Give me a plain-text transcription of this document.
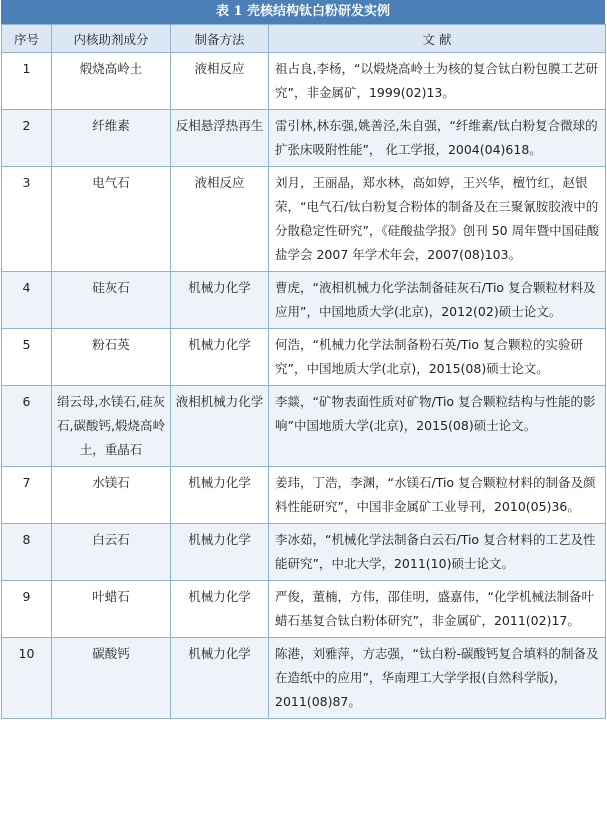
表 1 壳核结构钛白粉研发实例
序号	内核助剂成分	制备方法	文 献
1	煅烧高岭土	液相反应	祖占良,李杨，“以煅烧高岭土为核的复合钛白粉包膜工艺研究”，非金属矿，1999(02)13。
2	纤维素	反相悬浮热再生	雷引林,林东强,姚善泾,朱自强，“纤维素/钛白粉复合微球的扩张床吸附性能”， 化工学报，2004(04)618。
3	电气石	液相反应	刘月，王丽晶，郑水林，高如婷，王兴华，檀竹红，赵银荣，“电气石/钛白粉复合粉体的制备及在三聚氰胺胶液中的分散稳定性研究”，《硅酸盐学报》创刊 50 周年暨中国硅酸盐学会 2007 年学术年会，2007(08)103。
4	硅灰石	机械力化学	曹虎，“液相机械力化学法制备硅灰石/Tio 复合颗粒材料及应用”，中国地质大学(北京)，2012(02)硕士论文。
5	粉石英	机械力化学	何浩，“机械力化学法制备粉石英/Tio 复合颗粒的实验研究”，中国地质大学(北京)，2015(08)硕士论文。
6	绢云母,水镁石,硅灰石,碳酸钙,煅烧高岭土，重晶石	液相机械力化学	李燚，“矿物表面性质对矿物/Tio 复合颗粒结构与性能的影响”中国地质大学(北京)，2015(08)硕士论文。
7	水镁石	机械力化学	姜玮，丁浩，李渊，“水镁石/Tio 复合颗粒材料的制备及颜料性能研究”，中国非金属矿工业导刊，2010(05)36。
8	白云石	机械力化学	李冰茹，“机械化学法制备白云石/Tio 复合材料的工艺及性能研究”，中北大学，2011(10)硕士论文。
9	叶蜡石	机械力化学	严俊，董楠，方伟，邵佳明，盛嘉伟，“化学机械法制备叶蜡石基复合钛白粉体研究”，非金属矿，2011(02)17。
10	碳酸钙	机械力化学	陈港，刘雅萍，方志强，“钛白粉-碳酸钙复合填料的制备及在造纸中的应用”，华南理工大学学报(自然科学版)，2011(08)87。
